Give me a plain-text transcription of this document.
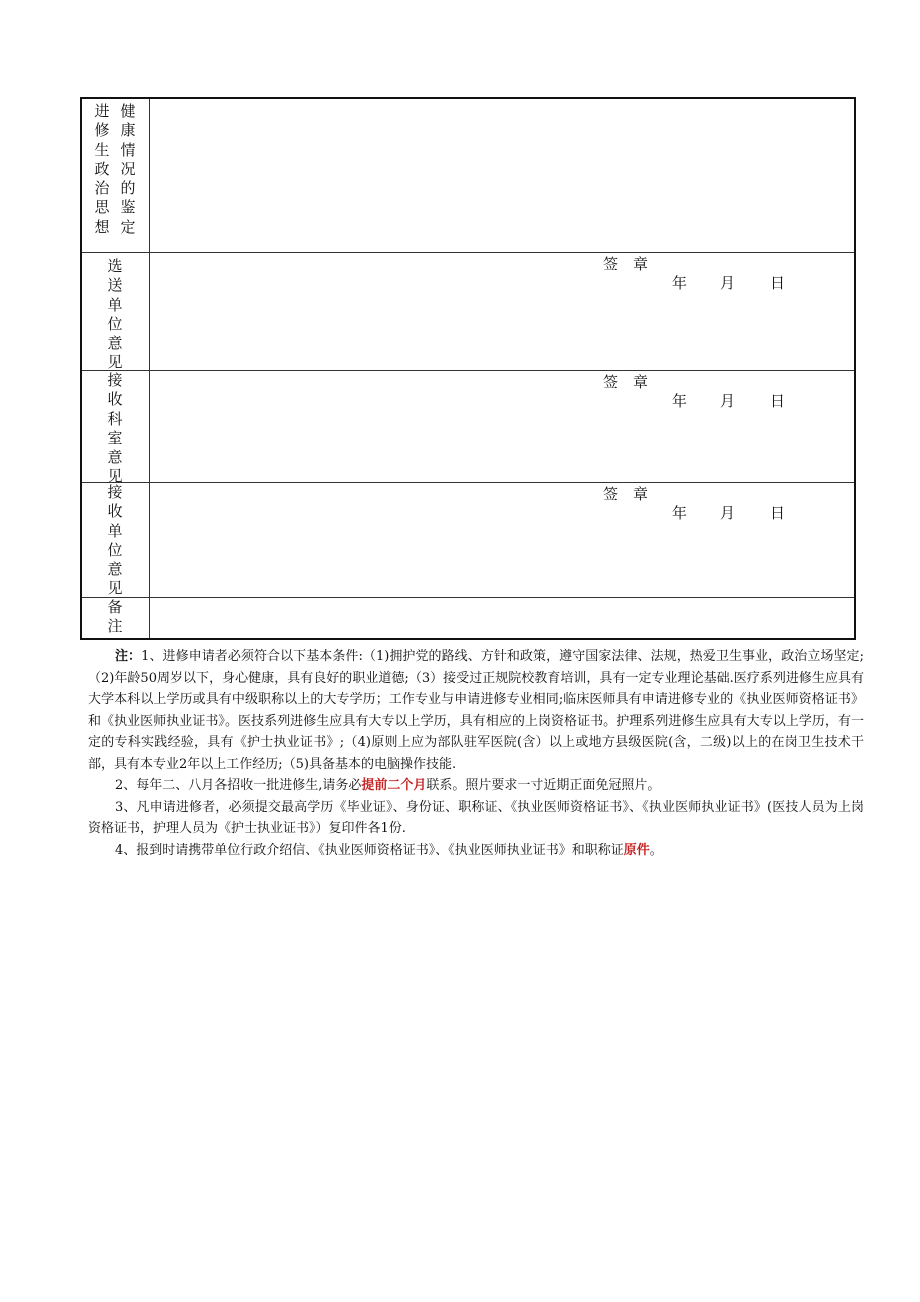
进修生政治思想
健康情况的鉴定
选送单位意见
签　章
年 月 日
接收科室意见
签　章
年 月 日
接收单位意见
签　章
年 月 日
备注

注：1、进修申请者必须符合以下基本条件:（1)拥护党的路线、方针和政策，遵守国家法律、法规，热爱卫生事业，政治立场坚定;（2)年龄50周岁以下，身心健康，具有良好的职业道德;（3）接受过正规院校教育培训，具有一定专业理论基础.医疗系列进修生应具有大学本科以上学历或具有中级职称以上的大专学历；工作专业与申请进修专业相同;临床医师具有申请进修专业的《执业医师资格证书》和《执业医师执业证书》。医技系列进修生应具有大专以上学历，具有相应的上岗资格证书。护理系列进修生应具有大专以上学历，有一定的专科实践经验，具有《护士执业证书》;（4)原则上应为部队驻军医院(含）以上或地方县级医院(含，二级)以上的在岗卫生技术干部，具有本专业2年以上工作经历;（5)具备基本的电脑操作技能.

2、每年二、八月各招收一批进修生,请务必提前二个月联系。照片要求一寸近期正面免冠照片。

3、凡申请进修者，必须提交最高学历《毕业证》、身份证、职称证、《执业医师资格证书》、《执业医师执业证书》(医技人员为上岗资格证书，护理人员为《护士执业证书》）复印件各1份.

4、报到时请携带单位行政介绍信、《执业医师资格证书》、《执业医师执业证书》和职称证原件。
